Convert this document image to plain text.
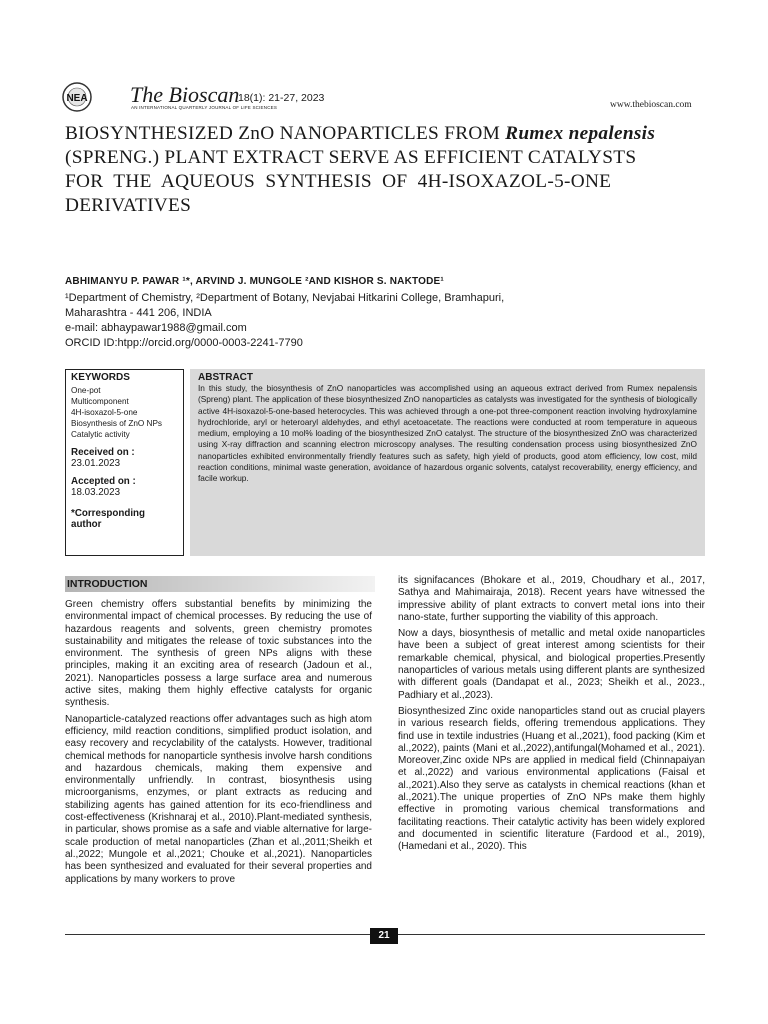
NEA The Bioscan
18(1): 21-27, 2023
AN INTERNATIONAL QUARTERLY JOURNAL OF LIFE SCIENCES	www.thebioscan.com
BIOSYNTHESIZED ZnO NANOPARTICLES FROM Rumex nepalensis
(SPRENG.) PLANT EXTRACT SERVE AS EFFICIENT CATALYSTS
FOR  THE  AQUEOUS  SYNTHESIS  OF  4H-ISOXAZOL-5-ONE
DERIVATIVES
ABHIMANYU P. PAWAR ¹*, ARVIND J. MUNGOLE ²AND KISHOR S. NAKTODE¹
¹Department of Chemistry, ²Department of Botany, Nevjabai Hitkarini College, Bramhapuri,
Maharashtra - 441 206, INDIA
e-mail: abhaypawar1988@gmail.com
ORCID ID:htpp://orcid.org/0000-0003-2241-7790
KEYWORDS
One-pot
Multicomponent
4H-isoxazol-5-one
Biosynthesis of ZnO NPs
Catalytic activity
Received on :
23.01.2023
Accepted on :
18.03.2023
*Corresponding
author
ABSTRACT
In this study, the biosynthesis of ZnO nanoparticles was accomplished using an aqueous extract derived from Rumex nepalensis (Spreng) plant. The application of these biosynthesized ZnO nanoparticles as catalysts was investigated for the synthesis of biologically active 4H-isoxazol-5-one-based heterocycles. This was achieved through a one-pot three-component reaction involving hydroxylamine hydrochloride, aryl or heteroaryl aldehydes, and ethyl acetoacetate. The reactions were conducted at room temperature in aqueous medium, employing a 10 mol% loading of the biosynthesized ZnO catalyst. The structure of the biosynthesized ZnO was characterized using X-ray diffraction and scanning electron microscopy analyses. The resulting condensation process using biosynthesized ZnO nanoparticles exhibited environmentally friendly features such as safety, high yield of products, good atom efficiency, low cost, mild reaction conditions, minimal waste generation, avoidance of hazardous organic solvents, catalyst recoverability, energy efficiency, and facile workup.
INTRODUCTION

Green chemistry offers substantial benefits by minimizing the environmental impact of chemical processes. By reducing the use of hazardous reagents and solvents, green chemistry promotes sustainability and mitigates the release of toxic substances into the environment. The synthesis of green NPs aligns with these principles, making it an exciting area of research (Jadoun et al., 2021). Nanoparticles possess a large surface area and numerous active sites, making them highly effective catalysts for organic synthesis.

Nanoparticle-catalyzed reactions offer advantages such as high atom efficiency, mild reaction conditions, simplified product isolation, and easy recovery and recyclability of the catalysts. However, traditional chemical methods for nanoparticle synthesis involve harsh conditions and hazardous chemicals, making them expensive and environmentally unfriendly. In contrast, biosynthesis using microorganisms, enzymes, or plant extracts as reducing and stabilizing agents has gained attention for its eco-friendliness and cost-effectiveness (Krishnaraj et al., 2010).Plant-mediated synthesis, in particular, shows promise as a safe and viable alternative for large-scale production of metal nanoparticles (Zhan et al.,2011;Sheikh et al.,2022; Mungole et al.,2021; Chouke et al.,2021). Nanoparticles has been synthesized and evaluated for their several properties and applications by many workers to prove

its signifacances (Bhokare et al., 2019, Choudhary et al., 2017, Sathya and Mahimairaja, 2018). Recent years have witnessed the impressive ability of plant extracts to convert metal ions into their nano-state, further supporting the viability of this approach.

Now a days, biosynthesis of metallic and metal oxide nanoparticles have been a subject of great interest among scientists for their remarkable chemical, physical, and biological properties.Presently nanoparticles of various metals using different plants are synthesized with different goals (Dandapat et al., 2023; Sheikh et al., 2023., Padhiary et al.,2023).

Biosynthesized Zinc oxide nanoparticles stand out as crucial players in various research fields, offering tremendous applications. They find use in textile industries (Huang et al.,2021), food packing (Kim et al.,2022), paints (Mani et al.,2022),antifungal(Mohamed et al., 2021). Moreover,Zinc oxide NPs are applied in medical field (Chinnapaiyan et al.,2022) and various environmental applications (Faisal et al.,2021).Also they serve as catalysts in chemical reactions (khan et al.,2021).The unique properties of ZnO NPs make them highly effective in promoting various chemical transformations and facilitating reactions. Their catalytic activity has been widely explored and documented in scientific literature (Fardood et al., 2019), (Hamedani et al., 2020). This

21
